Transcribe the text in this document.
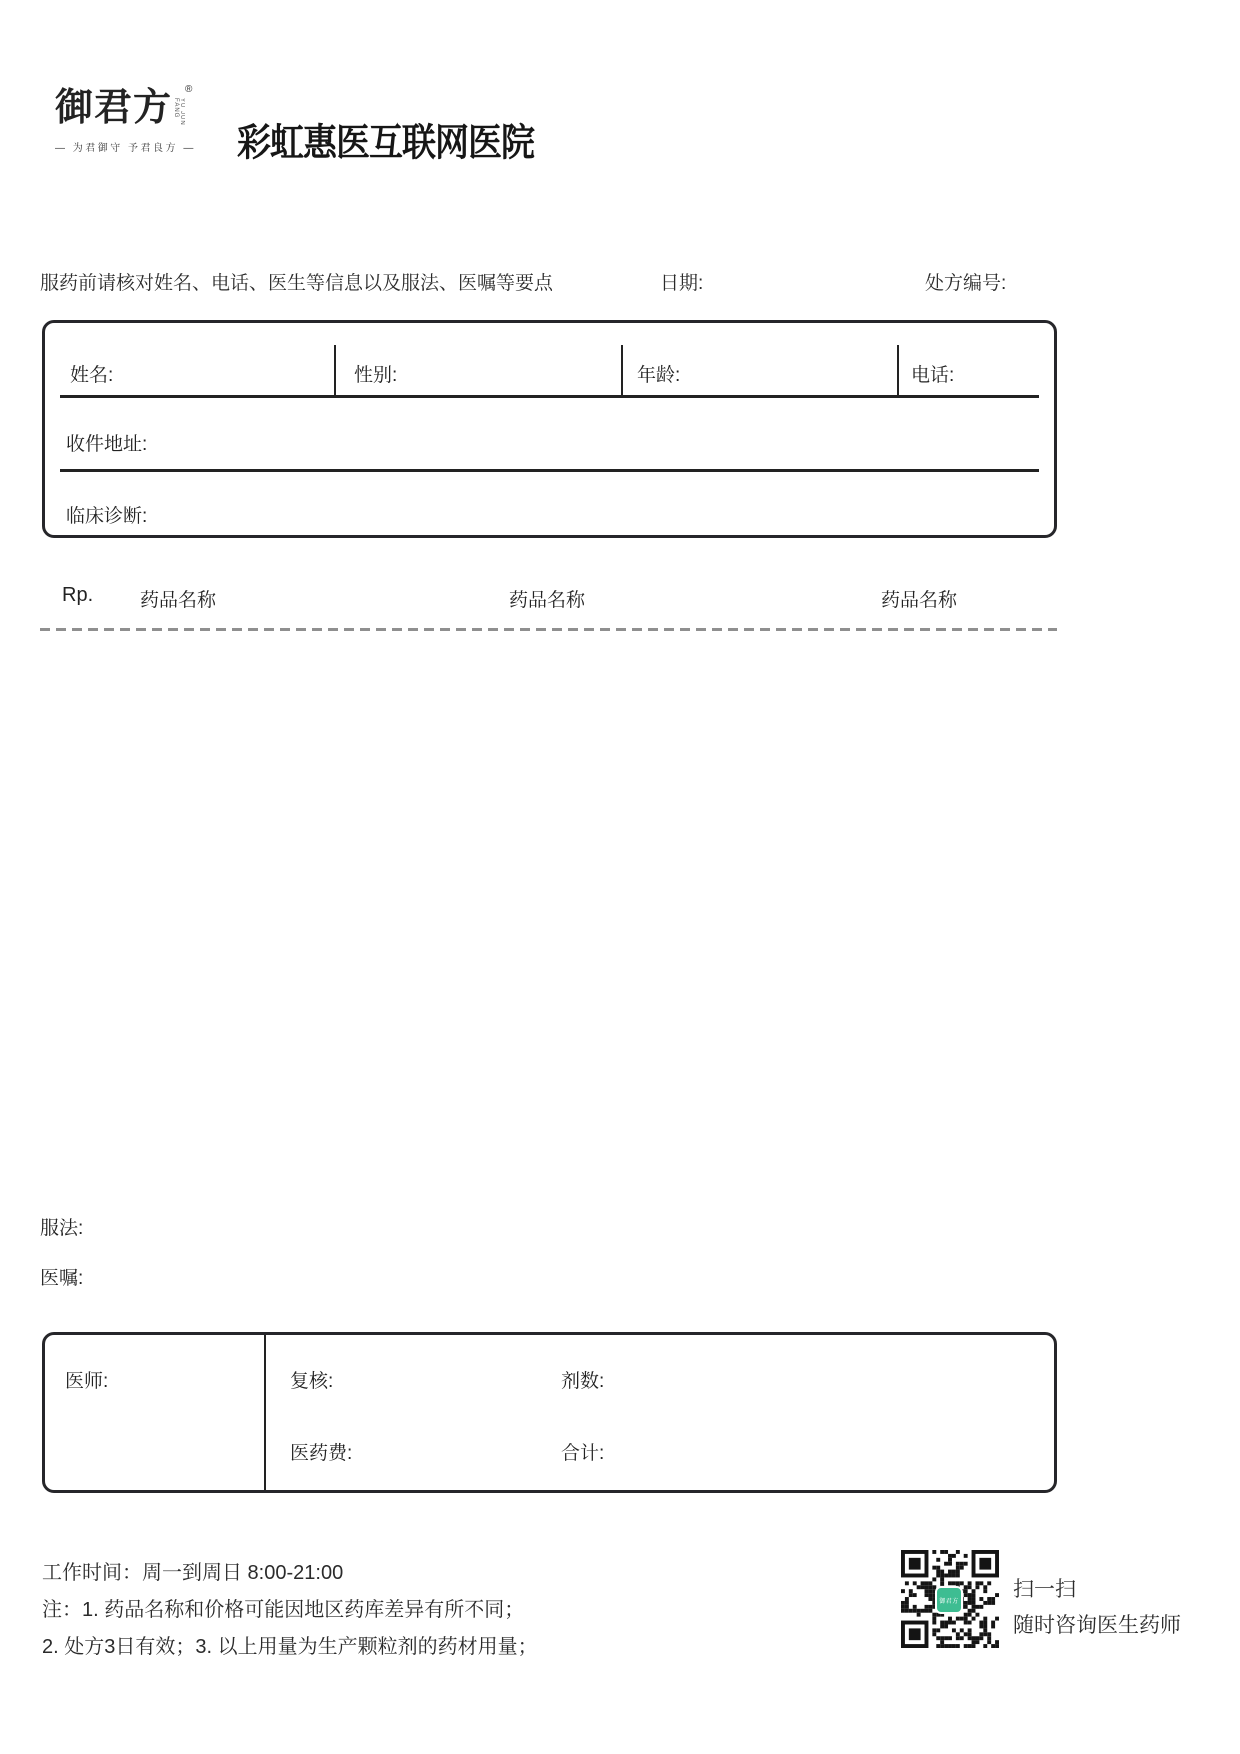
御君方	YU JUN FANG
®
— 为君御守 予君良方 — 彩虹惠医互联网医院
服药前请核对姓名、电话、医生等信息以及服法、医嘱等要点	日期:	处方编号:
姓名:	性别:	年龄:	电话:
收件地址:
临床诊断:
Rp. 药品名称	药品名称	药品名称
服法:
医嘱:
医师:	复核:	剂数:
医药费:	合计:
工作时间：周一到周日 8:00-21:00
注：1. 药品名称和价格可能因地区药库差异有所不同；
2. 处方3日有效；3. 以上用量为生产颗粒剂的药材用量；
御君方
扫一扫
随时咨询医生药师
